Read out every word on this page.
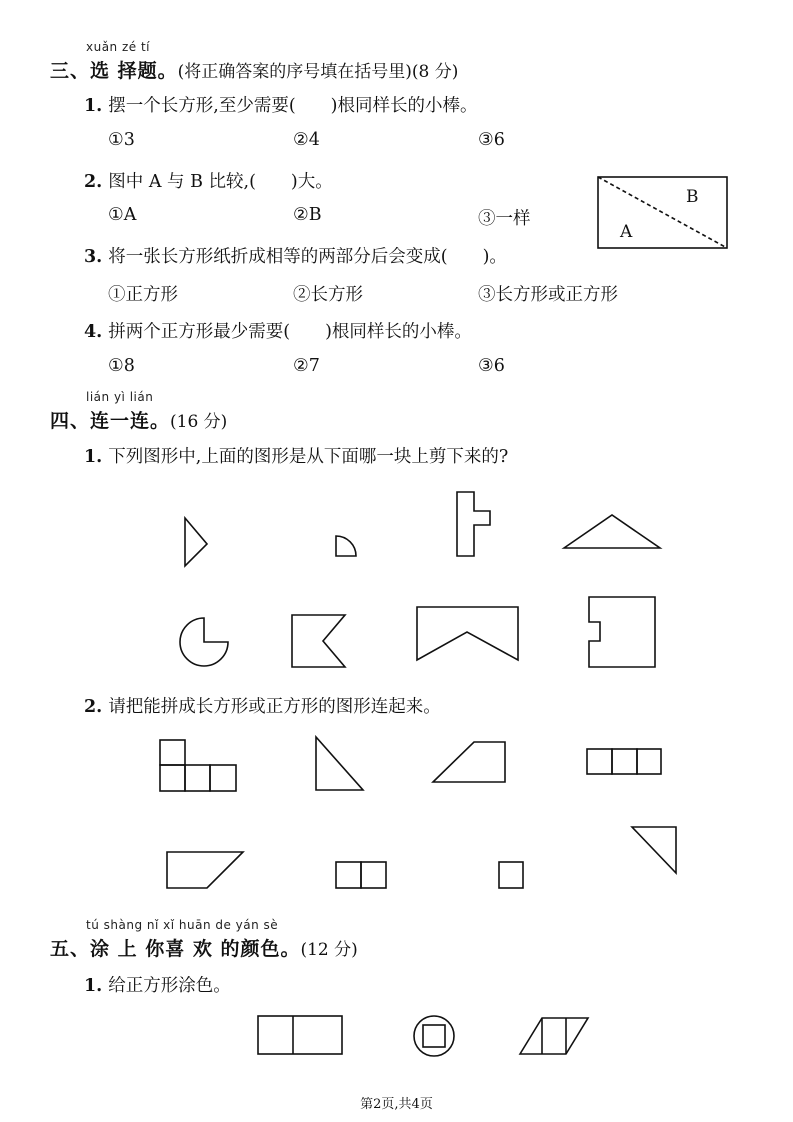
xuǎn zé tí
三、选 择题。(将正确答案的序号填在括号里)(8 分)
1. 摆一个长方形,至少需要(　　)根同样长的小棒。
①3	②4	③6
2. 图中 A 与 B 比较,(　　)大。
①A	②B	③一样
A
B
3. 将一张长方形纸折成相等的两部分后会变成(　　)。
①正方形	②长方形	③长方形或正方形
4. 拼两个正方形最少需要(　　)根同样长的小棒。
①8	②7	③6
lián yì lián
四、连一连。(16 分)
1. 下列图形中,上面的图形是从下面哪一块上剪下来的?
2. 请把能拼成长方形或正方形的图形连起来。
tú shàng nǐ xǐ huān de yán sè
五、涂 上 你喜 欢 的颜色。(12 分)
1. 给正方形涂色。
第2页,共4页
